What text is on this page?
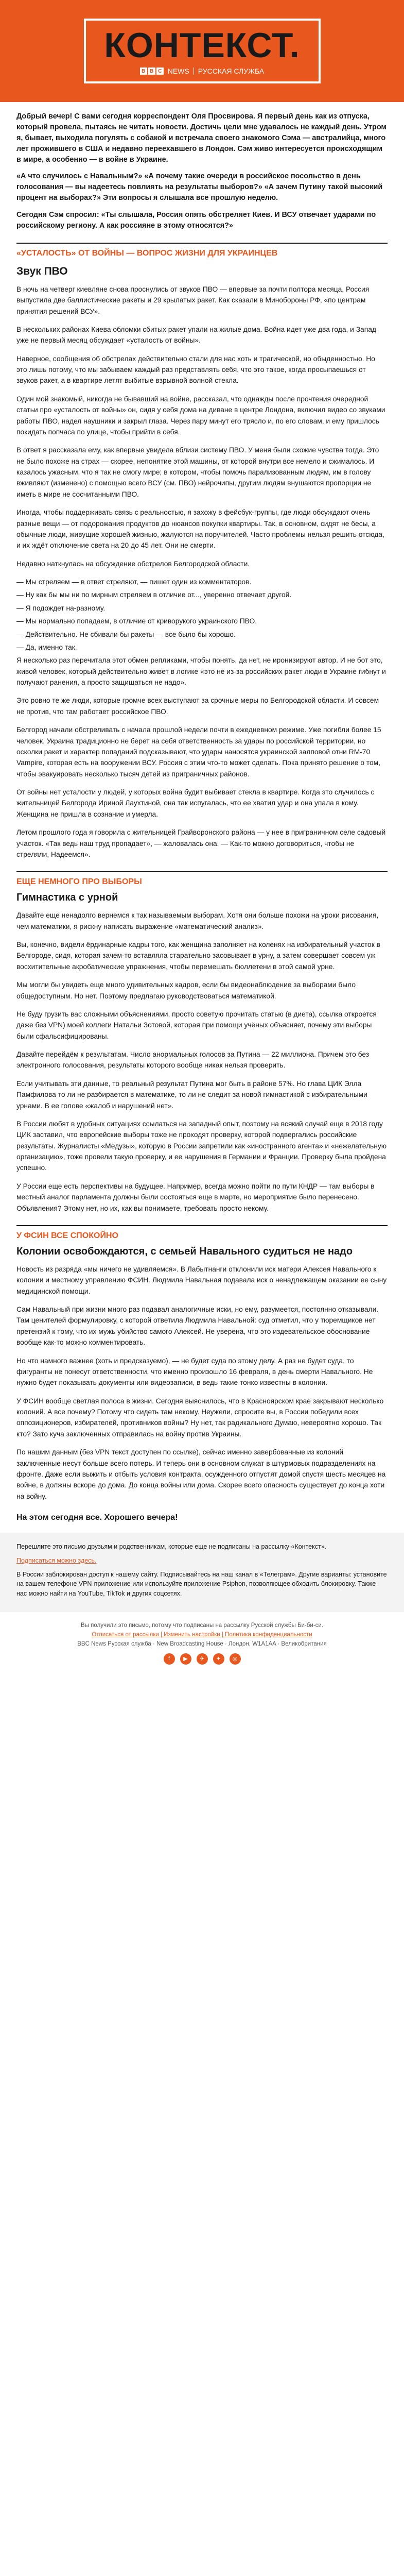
КОНТЕКСТ.
B B C NEWS РУССКАЯ СЛУЖБА

Добрый вечер! С вами сегодня корреспондент Оля Просвирова. Я первый день как из отпуска, который провела, пытаясь не читать новости. Достичь цели мне удавалось не каждый день. Утром я, бывает, выходила погулять с собакой и встречала своего знакомого Сэма — австралийца, много лет прожившего в США и недавно переехавшего в Лондон. Сэм живо интересуется происходящим в мире, а особенно — в войне в Украине.

«А что случилось с Навальным?» «А почему такие очереди в российское посольство в день голосования — вы надеетесь повлиять на результаты выборов?» «А зачем Путину такой высокий процент на выборах?» Эти вопросы я слышала все прошлую неделю.

Сегодня Сэм спросил: «Ты слышала, Россия опять обстреляет Киев. И ВСУ отвечает ударами по российскому региону. А как россияне в этому относятся?»

«УСТАЛОСТЬ» ОТ ВОЙНЫ — ВОПРОС ЖИЗНИ ДЛЯ УКРАИНЦЕВ
Звук ПВО

В ночь на четверг киевляне снова проснулись от звуков ПВО — впервые за почти полтора месяца. Россия выпустила две баллистические ракеты и 29 крылатых ракет. Как сказали в Минобороны РФ, «по центрам принятия решений ВСУ».

В нескольких районах Киева обломки сбитых ракет упали на жилые дома. Война идет уже два года, и Запад уже не первый месяц обсуждает «усталость от войны».

Наверное, сообщения об обстрелах действительно стали для нас хоть и трагической, но обыденностью. Но это лишь потому, что мы забываем каждый раз представлять себя, что это такое, когда просыпаешься от звуков ракет, а в квартире летят выбитые взрывной волной стекла.

Один мой знакомый, никогда не бывавший на войне, рассказал, что однажды после прочтения очередной статьи про «усталость от войны» он, сидя у себя дома на диване в центре Лондона, включил видео со звуками работы ПВО, надел наушники и закрыл глаза. Через пару минут его трясло и, по его словам, и ему пришлось покидать попчаса по улице, чтобы прийти в себя.

В ответ я рассказала ему, как впервые увидела вблизи систему ПВО. У меня были схожие чувства тогда. Это не было похоже на страх — скорее, непонятие этой машины, от которой внутри все немело и сжималось. И казалось ужасным, что я так не смогу мире; в котором, чтобы помочь парализованным людям, им в голову вживляют (изменено) с помощью всего ВСУ (см. ПВО) нейрочипы, другим людям внушаются пропорции не иметь в мире не сосчитанными ПВО.

Иногда, чтобы поддерживать связь с реальностью, я захожу в фейсбук-группы, где люди обсуждают очень разные вещи — от подорожания продуктов до нюансов покупки квартиры. Так, в основном, сидят не бесы, а обычные люди, живущие хорошей жизнью, жалуются на поручителей. Часто проблемы нельзя решить отсюда, и их ждёт отключение света на 20 до 45 лет. Они не смерти.

Недавно наткнулась на обсуждение обстрелов Белгородской области.

— Мы стреляем — в ответ стреляют, — пишет один из комментаторов.

— Ну как бы мы ни по мирным стреляем в отличие от..., уверенно отвечает другой.

— Я подождет на-разному.

— Мы нормально попадаем, в отличие от криворукого украинского ПВО.

— Действительно. Не сбивали бы ракеты — все было бы хорошо.

— Да, именно так.

Я несколько раз перечитала этот обмен репликами, чтобы понять, да нет, не иронизируют автор. И не бот это, живой человек, который действительно живет в логике «это не из-за российских ракет люди в Украине гибнут и получают ранения, а просто защищаться не надо».

Это ровно те же люди, которые громче всех выступают за срочные меры по Белгородской области. И совсем не против, что там работает российское ПВО.

Белгород начали обстреливать с начала прошлой недели почти в ежедневном режиме. Уже погибли более 15 человек. Украина традиционно не берет на себя ответственность за удары по российской территории, но осколки ракет и характер попаданий подсказывают, что удары наносятся украинской залповой отни RM-70 Vampire, которая есть на вооружении ВСУ. Россия с этим что-то может сделать. Пока принято решение о том, чтобы эвакуировать несколько тысяч детей из приграничных районов.

От войны нет усталости у людей, у которых война будит выбивает стекла в квартире. Когда это случилось с жительницей Белгорода Ириной Лаухтиной, она так испугалась, что ее хватил удар и она упала в кому. Женщина не пришла в сознание и умерла.

Летом прошлого года я говорила с жительницей Грайворонского района — у нее в приграничном селе садовый участок. «Так ведь наш труд пропадает», — жаловалась она. — Как-то можно договориться, чтобы не стреляли, Надеемся».

ЕЩЕ НЕМНОГО ПРО ВЫБОРЫ
Гимнастика с урной

Давайте еще ненадолго вернемся к так называемым выборам. Хотя они больше похожи на уроки рисования, чем математики, я рискну написать выражение «математический анализ».

Вы, конечно, видели ёрдинарные кадры того, как женщина заполняет на коленях на избирательный участок в Белгороде, сидя, которая зачем-то вставляла старательно засовывает в урну, а затем совершает совсем уж восхитительные акробатические упражнения, чтобы перемешать бюллетени в этой самой урне.

Мы могли бы увидеть еще много удивительных кадров, если бы видеонаблюдение за выборами было общедоступным. Но нет. Поэтому предлагаю руководствоваться математикой.

Не буду грузить вас сложными объяснениями, просто советую прочитать статью (в диета), ссылка откроется даже без VPN) моей коллеги Натальи Зотовой, которая при помощи учёных объясняет, почему эти выборы были сфальсифицированы.

Давайте перейдём к результатам. Число анормальных голосов за Путина — 22 миллиона. Причем это без электронного голосования, результаты которого вообще никак нельзя проверить.

Если учитывать эти данные, то реальный результат Путина мог быть в районе 57%. Но глава ЦИК Элла Памфилова то ли не разбирается в математике, то ли не следит за новой гимнастикой с избирательными урнами. В ее голове «жалоб и нарушений нет».

В России любят в удобных ситуациях ссылаться на западный опыт, поэтому на всякий случай еще в 2018 году ЦИК заставил, что европейские выборы тоже не проходят проверку, которой подвергались российские результаты. Журналисты «Медузы», которую в России запретили как «иностранного агента» и «нежелательную организацию», тоже провели такую проверку, и ее нарушения в Германии и Франции. Проверку была пройдена успешно.

У России еще есть перспективы на будущее. Например, всегда можно пойти по пути КНДР — там выборы в местный аналог парламента должны были состояться еще в марте, но мероприятие было перенесено. Объявления? Этому нет, но их, как вы понимаете, требовать просто некому.

У ФСИН ВСЕ СПОКОЙНО
Колонии освобождаются, с семьей Навального судиться не надо

Новость из разряда «мы ничего не удивляемся». В Лабытнанги отклонили иск матери Алексея Навального к колонии и местному управлению ФСИН. Людмила Навальная подавала иск о ненадлежащем оказании ее сыну медицинской помощи.

Сам Навальный при жизни много раз подавал аналогичные иски, но ему, разумеется, постоянно отказывали. Там ценителей формулировку, с которой ответила Людмила Навальной: суд отметил, что у тюремщиков нет претензий к тому, что их мужь убийство самого Алексей. Не уверена, что это издевательское обоснование вообще как-то можно комментировать.

Но что намного важнее (хоть и предсказуемо), — не будет суда по этому делу. А раз не будет суда, то фигуранты не понесут ответственности, что именно произошло 16 февраля, в день смерти Навального. Не нужно будет показывать документы или видеозаписи, в ведь такие тонко известны в колонии.

У ФСИН вообще светлая полоса в жизни. Сегодня выяснилось, что в Красноярском крае закрывают несколько колоний. А все почему? Потому что сидеть там некому. Неужели, спросите вы, в России победили всех оппозиционеров, избирателей, противников войны? Ну нет, так радикального Думаю, невероятно хорошо. Так кто? Зато куча заключенных отправилась на войну против Украины.

По нашим данным (без VPN текст доступен по ссылке), сейчас именно завербованные из колоний заключенные несут больше всего потерь. И теперь они в основном служат в штурмовых подразделениях на фронте. Даже если выжить и отбыть условия контракта, осужденного отпустят домой спустя шесть месяцев на войне, в должны вскоре до дома. До конца войны или дома. Скорее всего опасность существует до конца хоти на войну.

На этом сегодня все. Хорошего вечера!

Перешлите это письмо друзьям и родственникам, которые еще не подписаны на рассылку «Контекст».

Подписаться можно здесь.

В России заблокирован доступ к нашему сайту. Подписывайтесь на наш канал в «Телеграм». Другие варианты: установите на вашем телефоне VPN-приложение или используйте приложение Psiphon, позволяющее обходить блокировку. Также нас можно найти на YouTube, TikTok и других соцсетях.

Вы получили это письмо, потому что подписаны на рассылку Русской службы Би-би-си.
Отписаться от рассылки | Изменить настройки | Политика конфиденциальности
BBC News Русская служба · New Broadcasting House · Лондон, W1A1AA · Великобритания
f	▶	✈	✦	◎
